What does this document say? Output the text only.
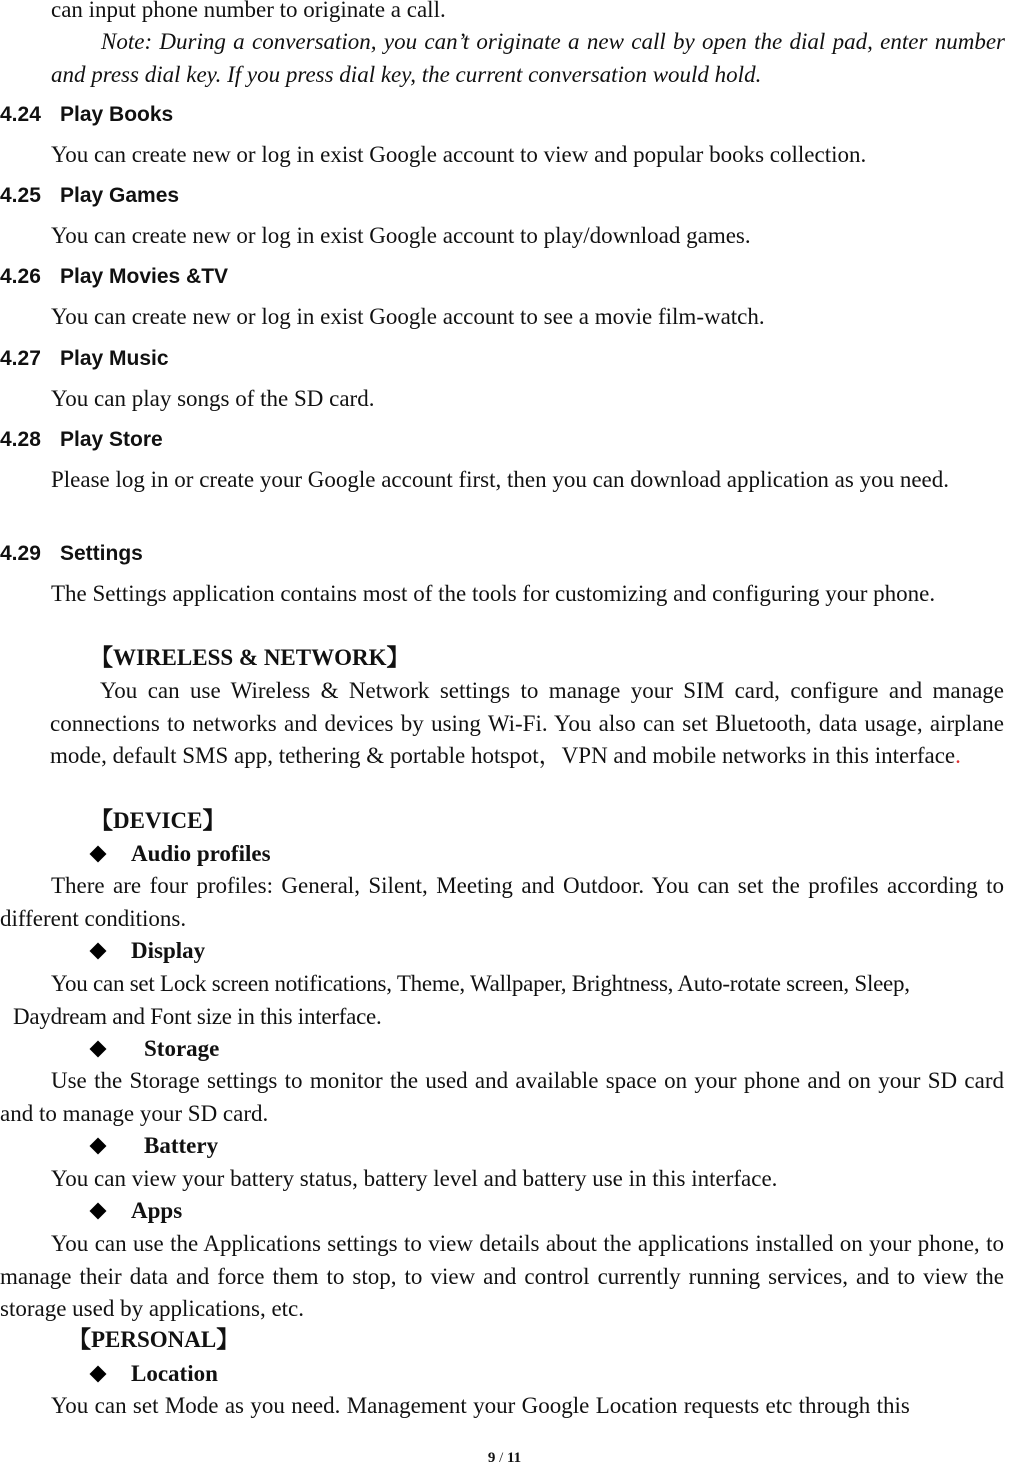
can input phone number to originate a call.

Note: During a conversation, you can’t originate a new call by open the dial pad, enter number and press dial key. If you press dial key, the current conversation would hold.

4.24 Play Books

You can create new or log in exist Google account to view and popular books collection.

4.25 Play Games

You can create new or log in exist Google account to play/download games.

4.26 Play Movies &TV

You can create new or log in exist Google account to see a movie film-watch.

4.27 Play Music

You can play songs of the SD card.

4.28 Play Store

Please log in or create your Google account first, then you can download application as you need.

4.29 Settings

The Settings application contains most of the tools for customizing and configuring your phone.

【WIRELESS & NETWORK】

You can use Wireless & Network settings to manage your SIM card, configure and manage connections to networks and devices by using Wi-Fi. You also can set Bluetooth, data usage, airplane mode, default SMS app, tethering & portable hotspot，VPN and mobile networks in this interface.

【DEVICE】
Audio profiles

There are four profiles: General, Silent, Meeting and Outdoor. You can set the profiles according to different conditions.

Display

You can set Lock screen notifications, Theme, Wallpaper, Brightness, Auto-rotate screen, Sleep, Daydream and Font size in this interface.

Storage

Use the Storage settings to monitor the used and available space on your phone and on your SD card and to manage your SD card.

Battery

You can view your battery status, battery level and battery use in this interface.

Apps

You can use the Applications settings to view details about the applications installed on your phone, to manage their data and force them to stop, to view and control currently running services, and to view the storage used by applications, etc.

【PERSONAL】
Location

You can set Mode as you need. Management your Google Location requests etc through this

9 / 11
